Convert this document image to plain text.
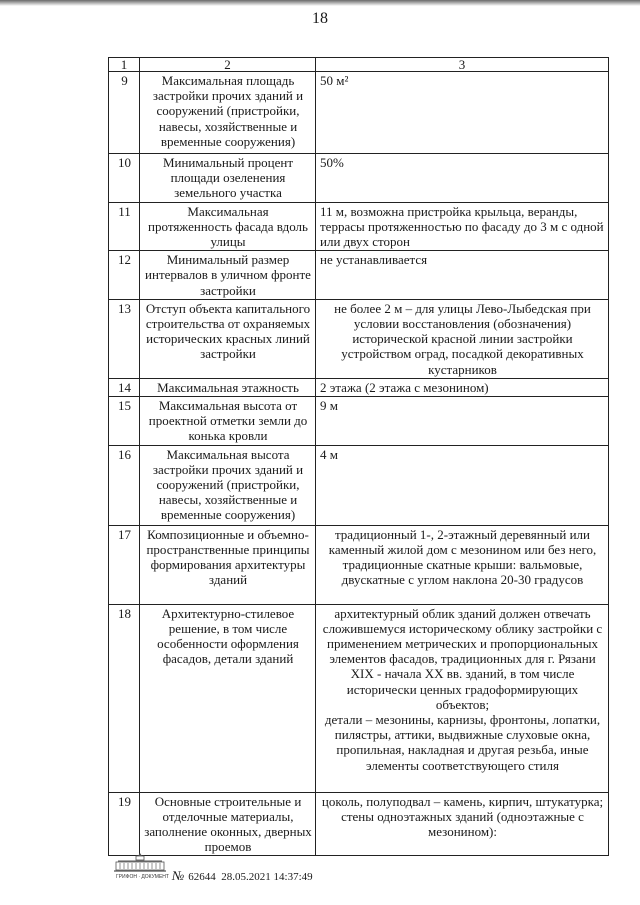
18
1	2	3
9	Максимальная площадь застройки прочих зданий и сооружений (пристройки, навесы, хозяйственные и временные сооружения)	50 м²
10	Минимальный процент площади озеленения земельного участка	50%
11	Максимальная протяженность фасада вдоль улицы	11 м, возможна пристройка крыльца, веранды, террасы протяженностью по фасаду до 3 м с одной или двух сторон
12	Минимальный размер интервалов в уличном фронте застройки	не устанавливается
13	Отступ объекта капитального строительства от охраняемых исторических красных линий застройки	не более 2 м – для улицы Лево-Лыбедская при условии восстановления (обозначения) исторической красной линии застройки устройством оград, посадкой декоративных кустарников
14	Максимальная этажность	2 этажа (2 этажа с мезонином)
15	Максимальная высота от проектной отметки земли до конька кровли	9 м
16	Максимальная высота застройки прочих зданий и сооружений (пристройки, навесы, хозяйственные и временные сооружения)	4 м
17	Композиционные и объемно-пространственные принципы формирования архитектуры зданий	традиционный 1-, 2-этажный деревянный или каменный жилой дом с мезонином или без него, традиционные скатные крыши: вальмовые, двускатные с углом наклона 20-30 градусов
18	Архитектурно-стилевое решение, в том числе особенности оформления фасадов, детали зданий	архитектурный облик зданий должен отвечать сложившемуся историческому облику застройки с применением метрических и пропорциональных элементов фасадов, традиционных для г. Рязани XIX - начала XX вв. зданий, в том числе исторически ценных градоформирующих объектов;
детали – мезонины, карнизы, фронтоны, лопатки, пилястры, аттики, выдвижные слуховые окна, пропильная, накладная и другая резьба, иные элементы соответствующего стиля
19	Основные строительные и отделочные материалы, заполнение оконных, дверных проемов	цоколь, полуподвал – камень, кирпич, штукатурка;
стены одноэтажных зданий (одноэтажные с мезонином):
ГРИФОН · ДОКУМЕНТ № 62644 28.05.2021 14:37:49
